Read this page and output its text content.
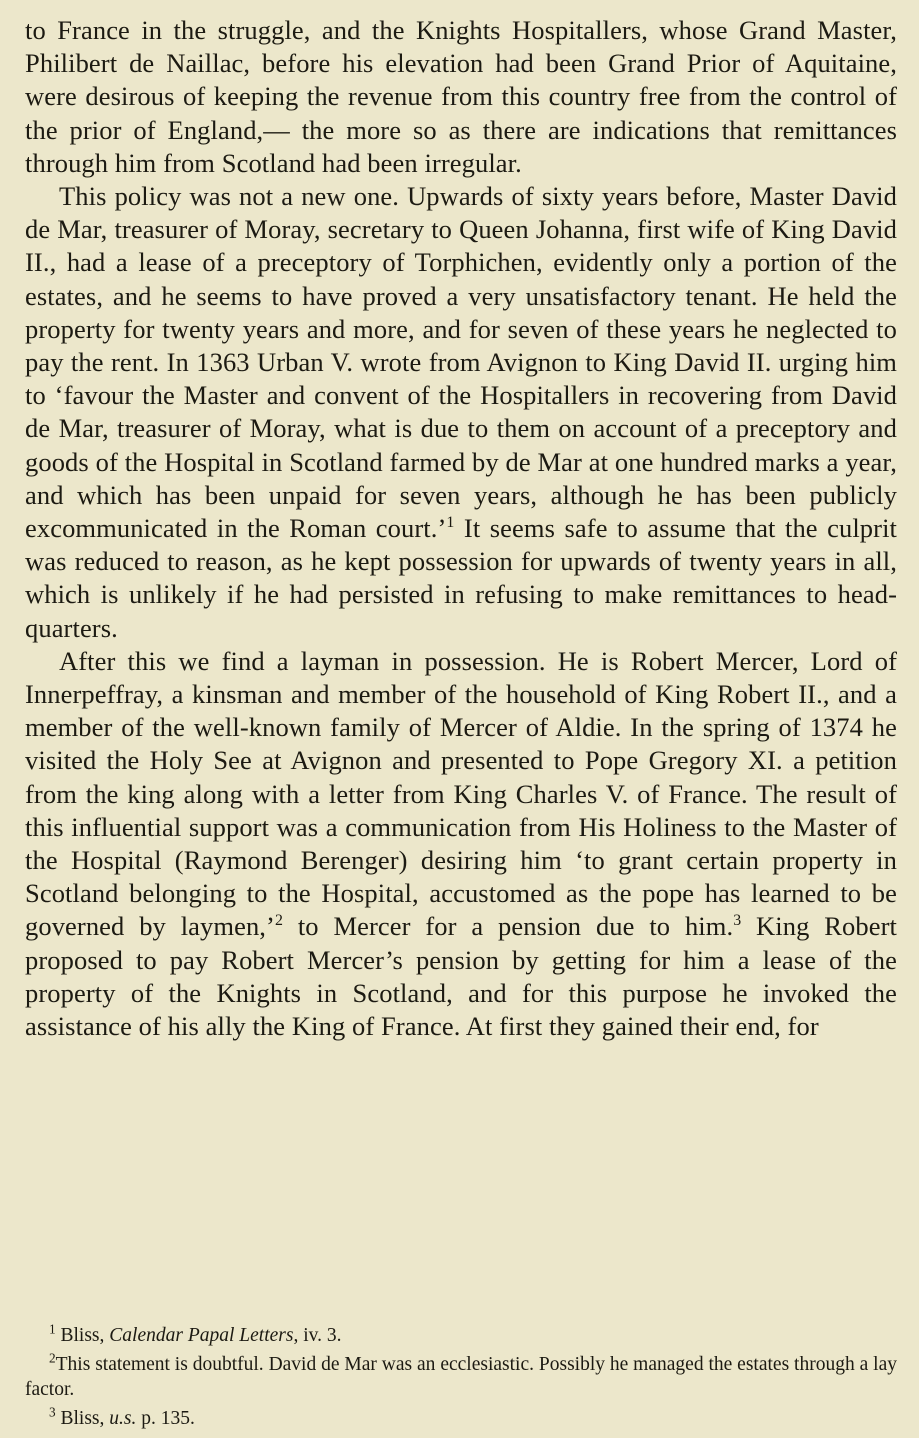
to France in the struggle, and the Knights Hospitallers, whose Grand Master, Philibert de Naillac, before his elevation had been Grand Prior of Aquitaine, were desirous of keeping the revenue from this country free from the control of the prior of England,— the more so as there are indications that remittances through him from Scotland had been irregular.

This policy was not a new one. Upwards of sixty years before, Master David de Mar, treasurer of Moray, secretary to Queen Johanna, first wife of King David II., had a lease of a preceptory of Torphichen, evidently only a portion of the estates, and he seems to have proved a very unsatisfactory tenant. He held the property for twenty years and more, and for seven of these years he neglected to pay the rent. In 1363 Urban V. wrote from Avignon to King David II. urging him to ‘favour the Master and convent of the Hospitallers in recovering from David de Mar, treasurer of Moray, what is due to them on account of a preceptory and goods of the Hospital in Scotland farmed by de Mar at one hundred marks a year, and which has been unpaid for seven years, although he has been publicly excommunicated in the Roman court.’$^1$ It seems safe to assume that the culprit was reduced to reason, as he kept possession for upwards of twenty years in all, which is unlikely if he had persisted in refusing to make remittances to head-quarters.

After this we find a layman in possession. He is Robert Mercer, Lord of Innerpeffray, a kinsman and member of the household of King Robert II., and a member of the well-known family of Mercer of Aldie. In the spring of 1374 he visited the Holy See at Avignon and presented to Pope Gregory XI. a petition from the king along with a letter from King Charles V. of France. The result of this influential support was a communication from His Holiness to the Master of the Hospital (Raymond Berenger) desiring him ‘to grant certain property in Scotland belonging to the Hospital, accustomed as the pope has learned to be governed by laymen,’$^2$ to Mercer for a pension due to him.$^3$ King Robert proposed to pay Robert Mercer’s pension by getting for him a lease of the property of the Knights in Scotland, and for this purpose he invoked the assistance of his ally the King of France. At first they gained their end, for

$^1$ Bliss, Calendar Papal Letters, iv. 3.

$^2$This statement is doubtful. David de Mar was an ecclesiastic. Possibly he managed the estates through a lay factor.

$^3$ Bliss, u.s. p. 135.
